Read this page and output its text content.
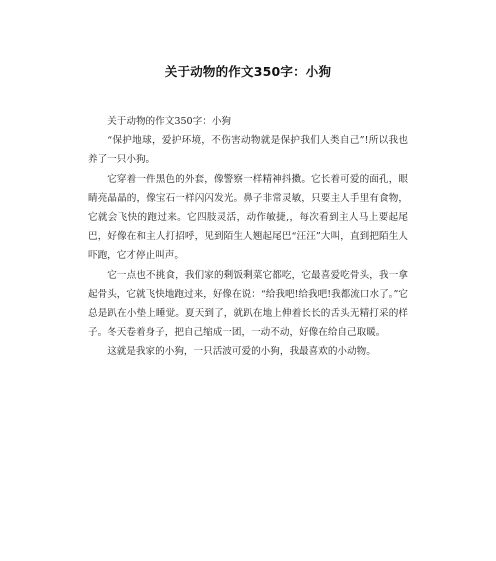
关于动物的作文350字：小狗

关于动物的作文350字：小狗

“保护地球，爱护环境，不伤害动物就是保护我们人类自己”!所以我也养了一只小狗。

它穿着一件黑色的外套，像警察一样精神抖擞。它长着可爱的面孔，眼睛亮晶晶的，像宝石一样闪闪发光。鼻子非常灵敏，只要主人手里有食物，它就会飞快的跑过来。它四肢灵活，动作敏捷,，每次看到主人马上要起尾巴，好像在和主人打招呼，见到陌生人翘起尾巴“汪汪”大叫，直到把陌生人吓跑，它才停止叫声。

它一点也不挑食，我们家的剩饭剩菜它都吃，它最喜爱吃骨头，我一拿起骨头，它就飞快地跑过来，好像在说：“给我吧!给我吧!我都流口水了。”它总是趴在小垫上睡觉。夏天到了，就趴在地上伸着长长的舌头无精打采的样子。冬天卷着身子，把自己缩成一团，一动不动，好像在给自己取暖。

这就是我家的小狗，一只活波可爱的小狗，我最喜欢的小动物。
